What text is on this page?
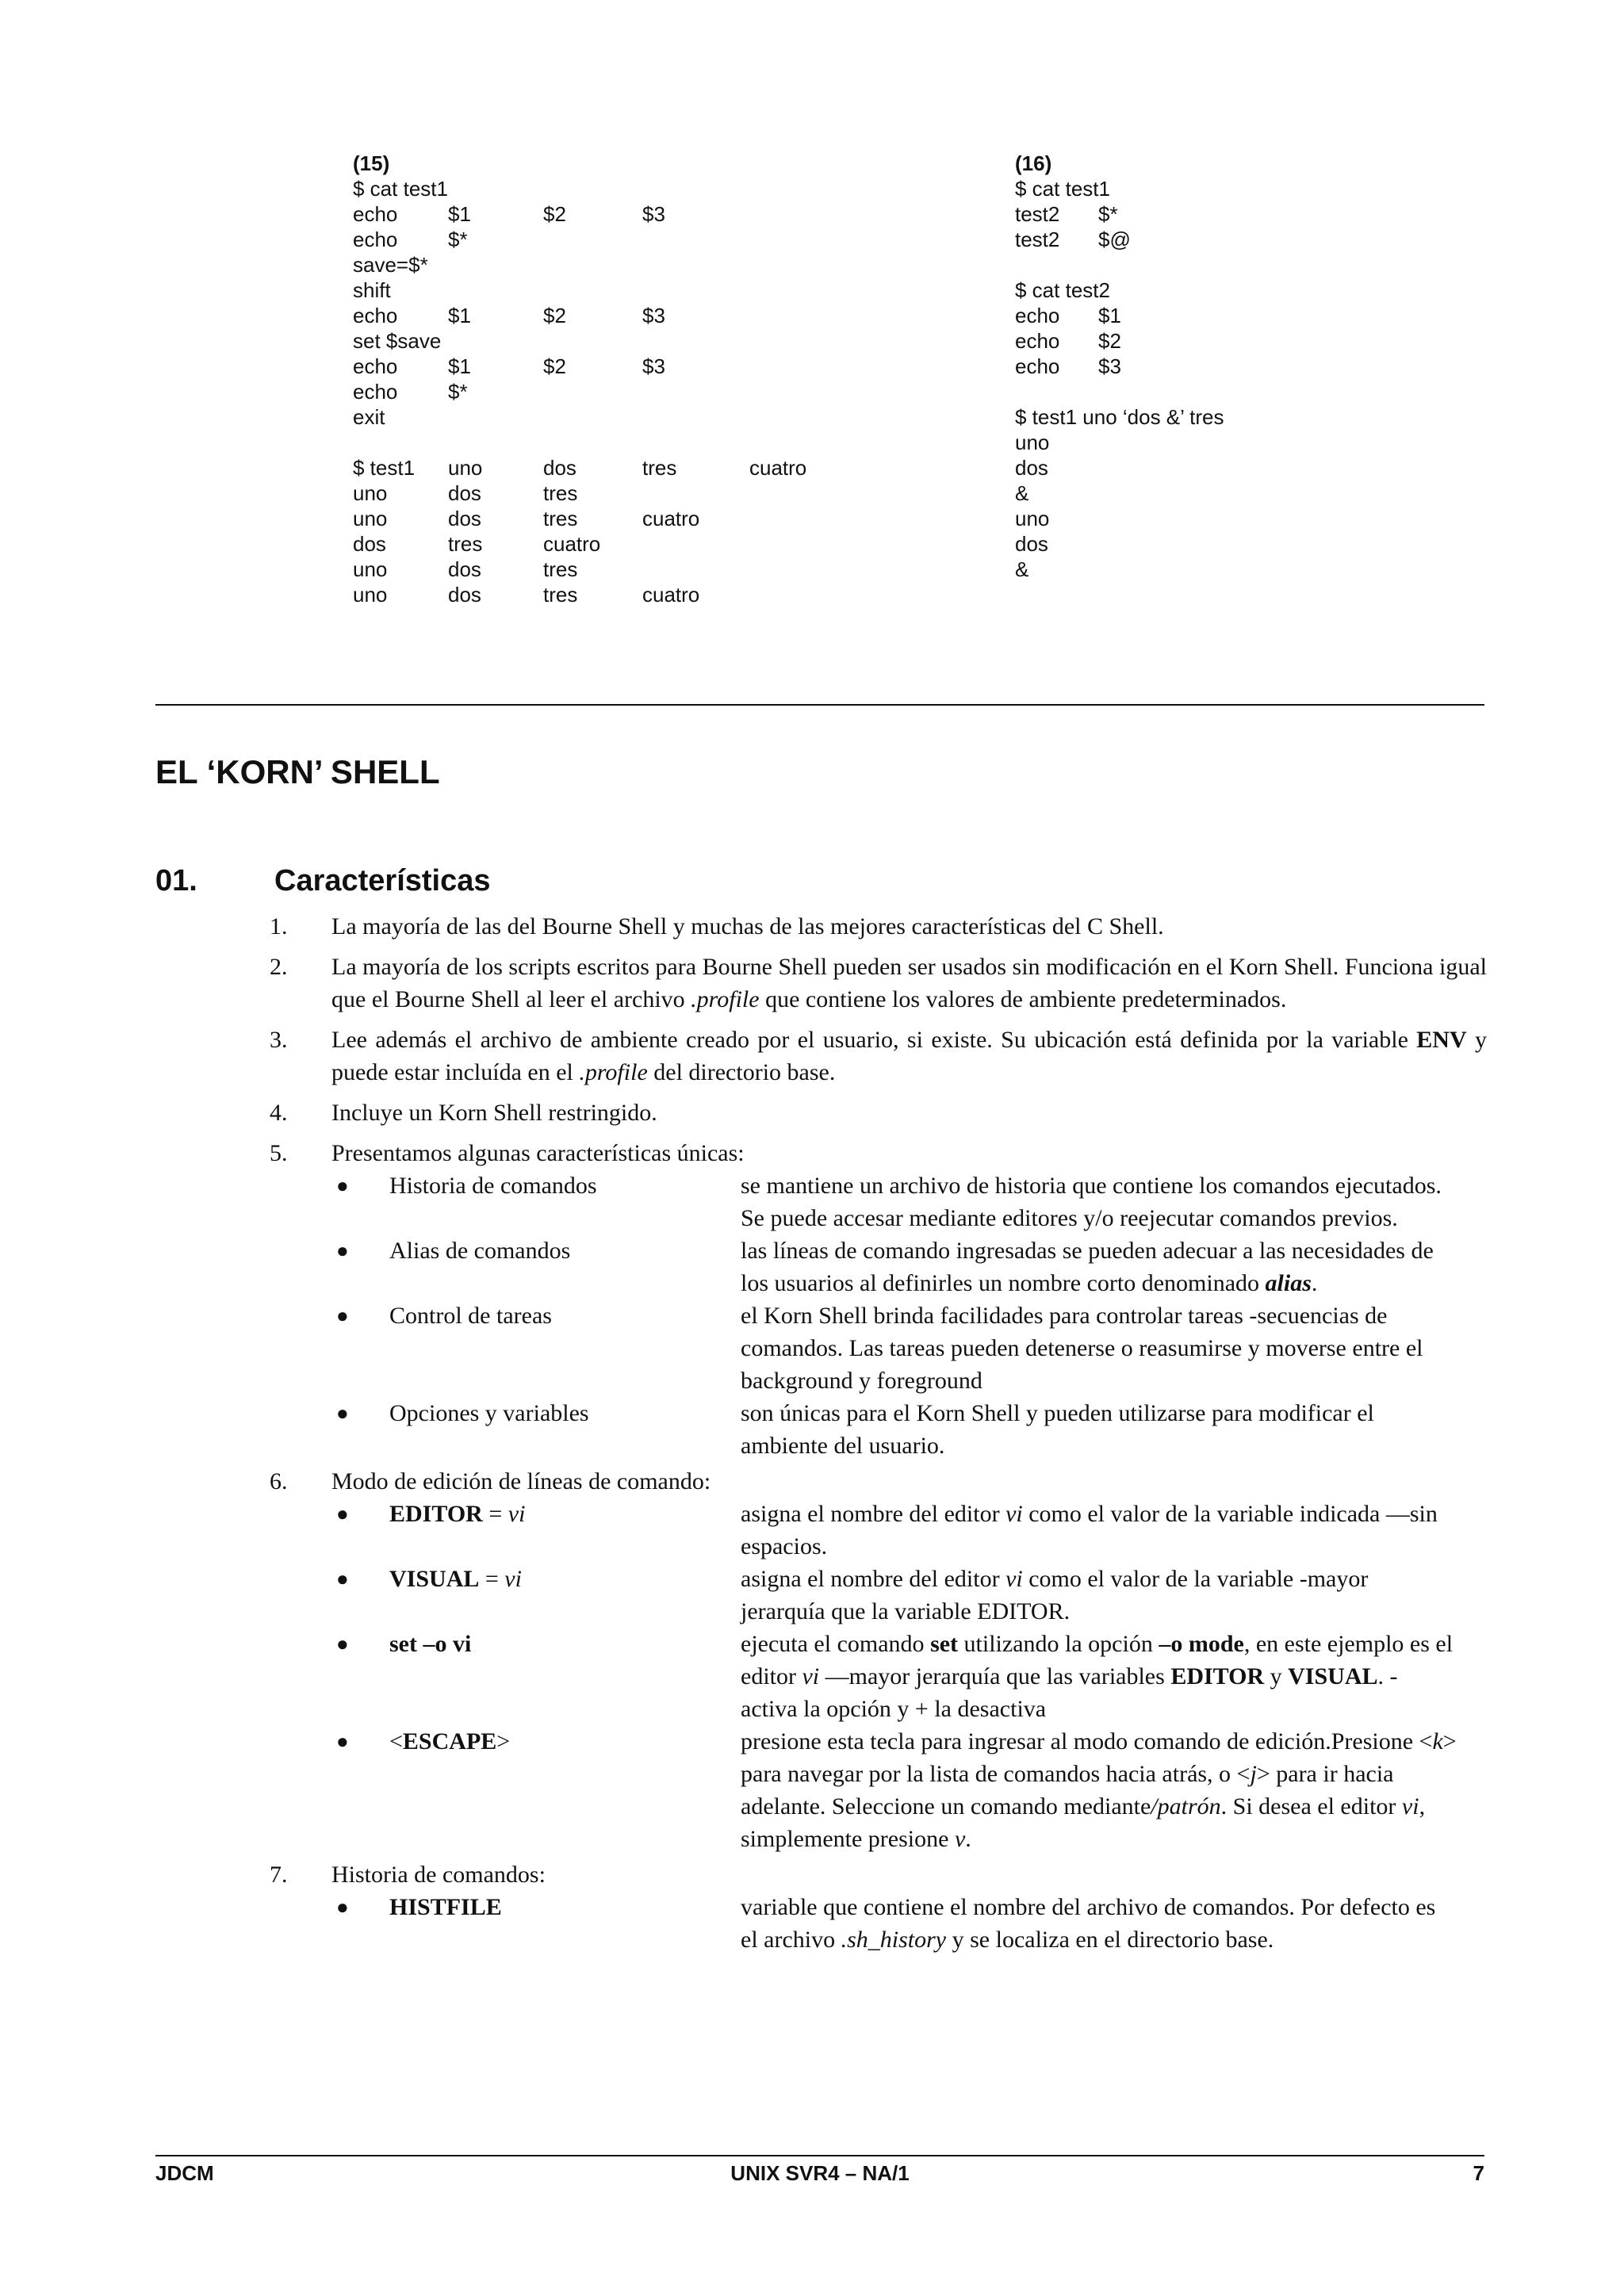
(15)
$ cat test1
echo $1	$2	$3
echo $*
save=$*
shift
echo $1	$2	$3
set $save
echo $1	$2	$3
echo $*
exit
$ test1 uno	dos	tres	cuatro
uno	dos	tres
uno	dos	tres	cuatro
dos	tres	cuatro
uno	dos	tres
uno	dos	tres	cuatro
(16)
$ cat test1
test2 $*
test2 $@
$ cat test2
echo $1
echo $2
echo $3
$ test1 uno ‘dos &’ tres
uno
dos
&
uno
dos
&
EL ‘KORN’ SHELL
01.	Características
1. La mayoría de las del Bourne Shell y muchas de las mejores características del C Shell.

2. La mayoría de los scripts escritos para Bourne Shell pueden ser usados sin modificación en el Korn Shell. Funciona igual que el Bourne Shell al leer el archivo .profile que contiene los valores de ambiente predeterminados.

3. Lee además el archivo de ambiente creado por el usuario, si existe. Su ubicación está definida por la variable ENV y puede estar incluída en el .profile del directorio base.

4. Incluye un Korn Shell restringido.

5. Presentamos algunas características únicas:

●	Historia de comandos	se mantiene un archivo de historia que contiene los comandos ejecutados. Se puede accesar mediante editores y/o reejecutar comandos previos.
●	Alias de comandos	las líneas de comando ingresadas se pueden adecuar a las necesidades de los usuarios al definirles un nombre corto denominado alias.
●	Control de tareas	el Korn Shell brinda facilidades para controlar tareas -secuencias de comandos. Las tareas pueden detenerse o reasumirse y moverse entre el background y foreground
●	Opciones y variables	son únicas para el Korn Shell y pueden utilizarse para modificar el ambiente del usuario.
6. Modo de edición de líneas de comando:

●	EDITOR = vi	asigna el nombre del editor vi como el valor de la variable indicada —sin espacios.
●	VISUAL = vi	asigna el nombre del editor vi como el valor de la variable -mayor jerarquía que la variable EDITOR.
●	set –o vi	ejecuta el comando set utilizando la opción –o mode, en este ejemplo es el editor vi —mayor jerarquía que las variables EDITOR y VISUAL. - activa la opción y + la desactiva
●	<ESCAPE>	presione esta tecla para ingresar al modo comando de edición.Presione <k> para navegar por la lista de comandos hacia atrás, o <j> para ir hacia adelante. Seleccione un comando mediante/patrón. Si desea el editor vi, simplemente presione v.
7. Historia de comandos:

●	HISTFILE	variable que contiene el nombre del archivo de comandos. Por defecto es el archivo .sh_history y se localiza en el directorio base.
JDCM	UNIX SVR4 – NA/1	7
